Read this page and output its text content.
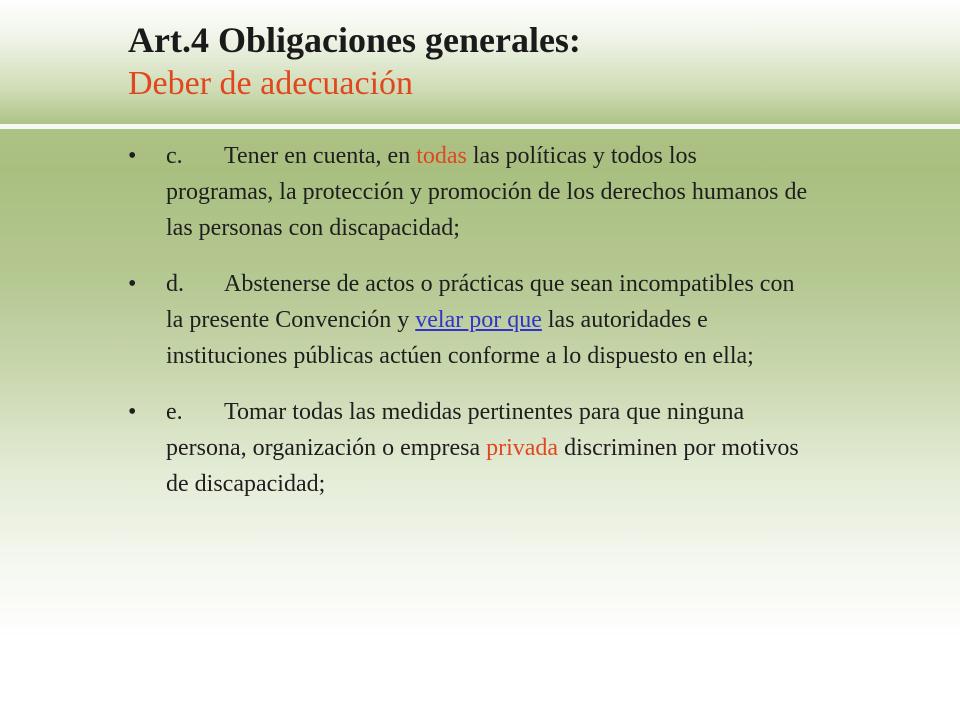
Art.4 Obligaciones generales:

Deber de adecuación

•	c. Tener en cuenta, en todas las políticas y todos los programas, la protección y promoción de los derechos humanos de las personas con discapacidad;
•	d. Abstenerse de actos o prácticas que sean incompatibles con la presente Convención y velar por que las autoridades e instituciones públicas actúen conforme a lo dispuesto en ella;
•	e. Tomar todas las medidas pertinentes para que ninguna persona, organización o empresa privada discriminen por motivos de discapacidad;
